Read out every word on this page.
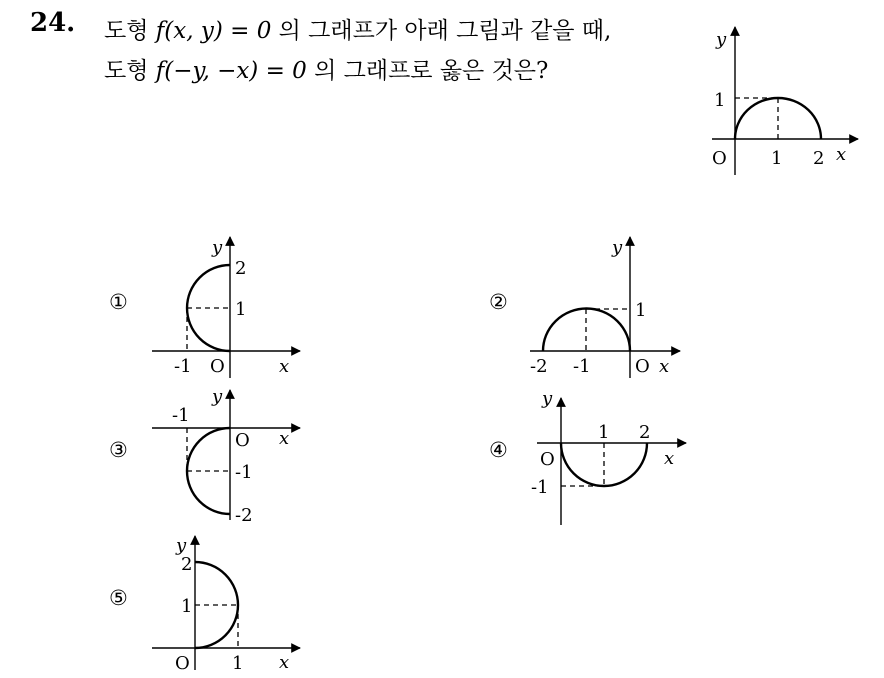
24. 도형 f(x, y) = 0 의 그래프가 아래 그림과 같을 때,
도형 f(−y, −x) = 0 의 그래프로 옳은 것은?
①	②
③	④
⑤
y
x
O 1 2
1
y
x
O
-1
1
2
y
x
O
-2 -1
1
y
x
O
-1
-1
-2
y
x
O
1 2
-1
y
x
O 1
1
2
